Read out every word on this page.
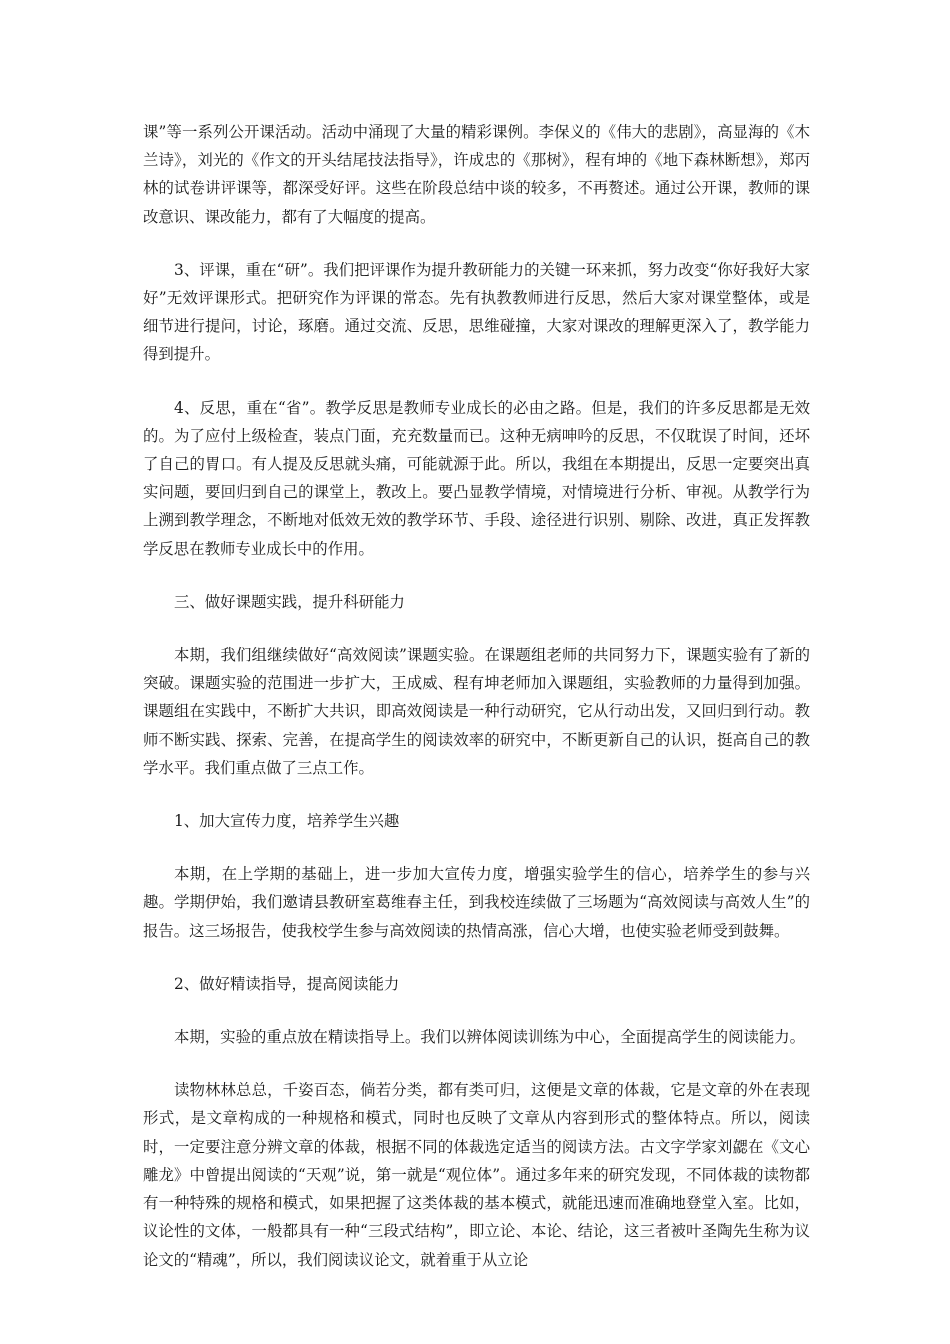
课”等一系列公开课活动。活动中涌现了大量的精彩课例。李保义的《伟大的悲剧》，高显海的《木兰诗》，刘光的《作文的开头结尾技法指导》，许成忠的《那树》，程有坤的《地下森林断想》，郑丙林的试卷讲评课等，都深受好评。这些在阶段总结中谈的较多，不再赘述。通过公开课，教师的课改意识、课改能力，都有了大幅度的提高。

3、评课，重在“研”。我们把评课作为提升教研能力的关键一环来抓，努力改变“你好我好大家好”无效评课形式。把研究作为评课的常态。先有执教教师进行反思，然后大家对课堂整体，或是细节进行提问，讨论，琢磨。通过交流、反思，思维碰撞，大家对课改的理解更深入了，教学能力得到提升。

4、反思，重在“省”。教学反思是教师专业成长的必由之路。但是，我们的许多反思都是无效的。为了应付上级检查，装点门面，充充数量而已。这种无病呻吟的反思，不仅耽误了时间，还坏了自己的胃口。有人提及反思就头痛，可能就源于此。所以，我组在本期提出，反思一定要突出真实问题，要回归到自己的课堂上，教改上。要凸显教学情境，对情境进行分析、审视。从教学行为上溯到教学理念，不断地对低效无效的教学环节、手段、途径进行识别、剔除、改进，真正发挥教学反思在教师专业成长中的作用。

三、做好课题实践，提升科研能力

本期，我们组继续做好“高效阅读”课题实验。在课题组老师的共同努力下，课题实验有了新的突破。课题实验的范围进一步扩大，王成威、程有坤老师加入课题组，实验教师的力量得到加强。课题组在实践中，不断扩大共识，即高效阅读是一种行动研究，它从行动出发，又回归到行动。教师不断实践、探索、完善，在提高学生的阅读效率的研究中，不断更新自己的认识，挺高自己的教学水平。我们重点做了三点工作。

1、加大宣传力度，培养学生兴趣

本期，在上学期的基础上，进一步加大宣传力度，增强实验学生的信心，培养学生的参与兴趣。学期伊始，我们邀请县教研室葛维春主任，到我校连续做了三场题为“高效阅读与高效人生”的报告。这三场报告，使我校学生参与高效阅读的热情高涨，信心大增，也使实验老师受到鼓舞。

2、做好精读指导，提高阅读能力

本期，实验的重点放在精读指导上。我们以辨体阅读训练为中心，全面提高学生的阅读能力。

读物林林总总，千姿百态，倘若分类，都有类可归，这便是文章的体裁，它是文章的外在表现形式，是文章构成的一种规格和模式，同时也反映了文章从内容到形式的整体特点。所以，阅读时，一定要注意分辨文章的体裁，根据不同的体裁选定适当的阅读方法。古文字学家刘勰在《文心雕龙》中曾提出阅读的“天观”说，第一就是“观位体”。通过多年来的研究发现，不同体裁的读物都有一种特殊的规格和模式，如果把握了这类体裁的基本模式，就能迅速而准确地登堂入室。比如，议论性的文体，一般都具有一种“三段式结构”，即立论、本论、结论，这三者被叶圣陶先生称为议论文的“精魂”，所以，我们阅读议论文，就着重于从立论
